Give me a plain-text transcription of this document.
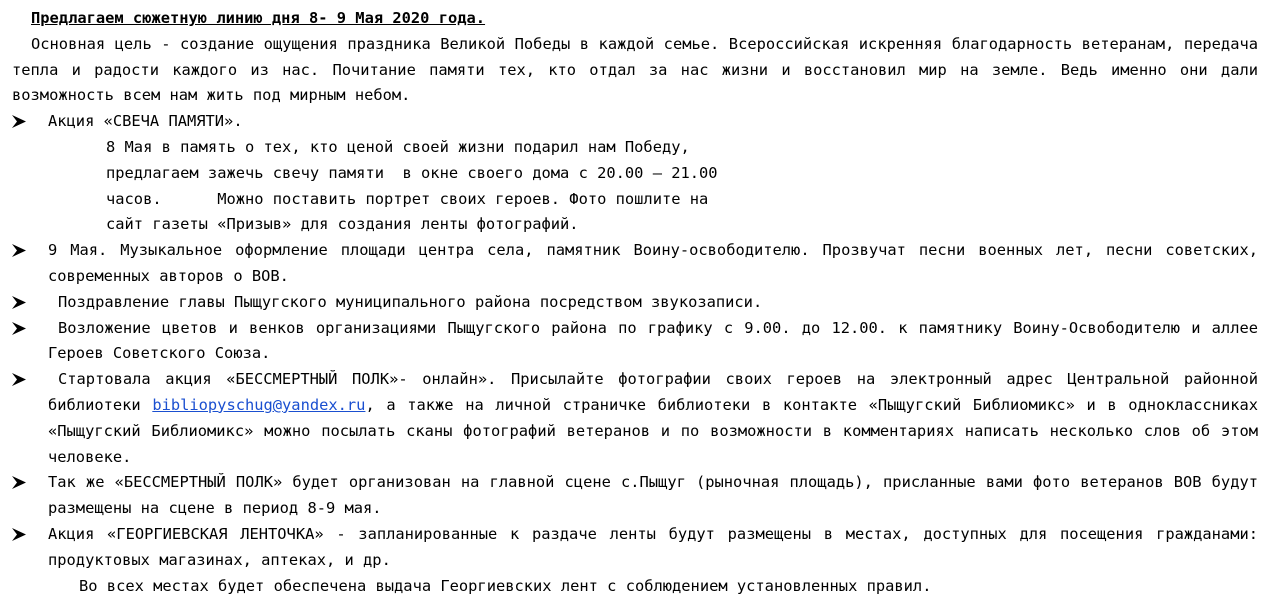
Предлагаем сюжетную линию дня 8- 9 Мая 2020 года.
Основная цель - создание ощущения праздника Великой Победы в каждой семье. Всероссийская искренняя благодарность ветеранам, передача тепла и радости каждого из нас. Почитание памяти тех, кто отдал за нас жизни и восстановил мир на земле. Ведь именно они дали возможность всем нам жить под мирным небом.
Акция «СВЕЧА ПАМЯТИ».
8 Мая в память о тех, кто ценой своей жизни подарил нам Победу,
предлагаем зажечь свечу памяти  в окне своего дома с 20.00 – 21.00
часов.      Можно поставить портрет своих героев. Фото пошлите на
сайт газеты «Призыв» для создания ленты фотографий.
9 Мая. Музыкальное оформление площади центра села, памятник Воину-освободителю. Прозвучат песни военных лет, песни советских, современных авторов о ВОВ.
Поздравление главы Пыщугского муниципального района посредством звукозаписи.
Возложение цветов и венков организациями Пыщугского района по графику с 9.00. до 12.00. к памятнику Воину-Освободителю и аллее Героев Советского Союза.
Стартовала акция «БЕССМЕРТНЫЙ ПОЛК»- онлайн». Присылайте фотографии своих героев на электронный адрес Центральной районной библиотеки bibliopyschug@yandex.ru, а также на личной страничке библиотеки в контакте «Пыщугский Библиомикс» и в одноклассниках «Пыщугский Библиомикс» можно посылать сканы фотографий ветеранов и по возможности в комментариях написать несколько слов об этом человеке.
Так же «БЕССМЕРТНЫЙ ПОЛК» будет организован на главной сцене с.Пыщуг (рыночная площадь), присланные вами фото ветеранов ВОВ будут размещены на сцене в период 8-9 мая.
Акция «ГЕОРГИЕВСКАЯ ЛЕНТОЧКА» - запланированные к раздаче ленты будут размещены в местах, доступных для посещения гражданами: продуктовых магазинах, аптеках, и др.
Во всех местах будет обеспечена выдача Георгиевских лент с соблюдением установленных правил.
